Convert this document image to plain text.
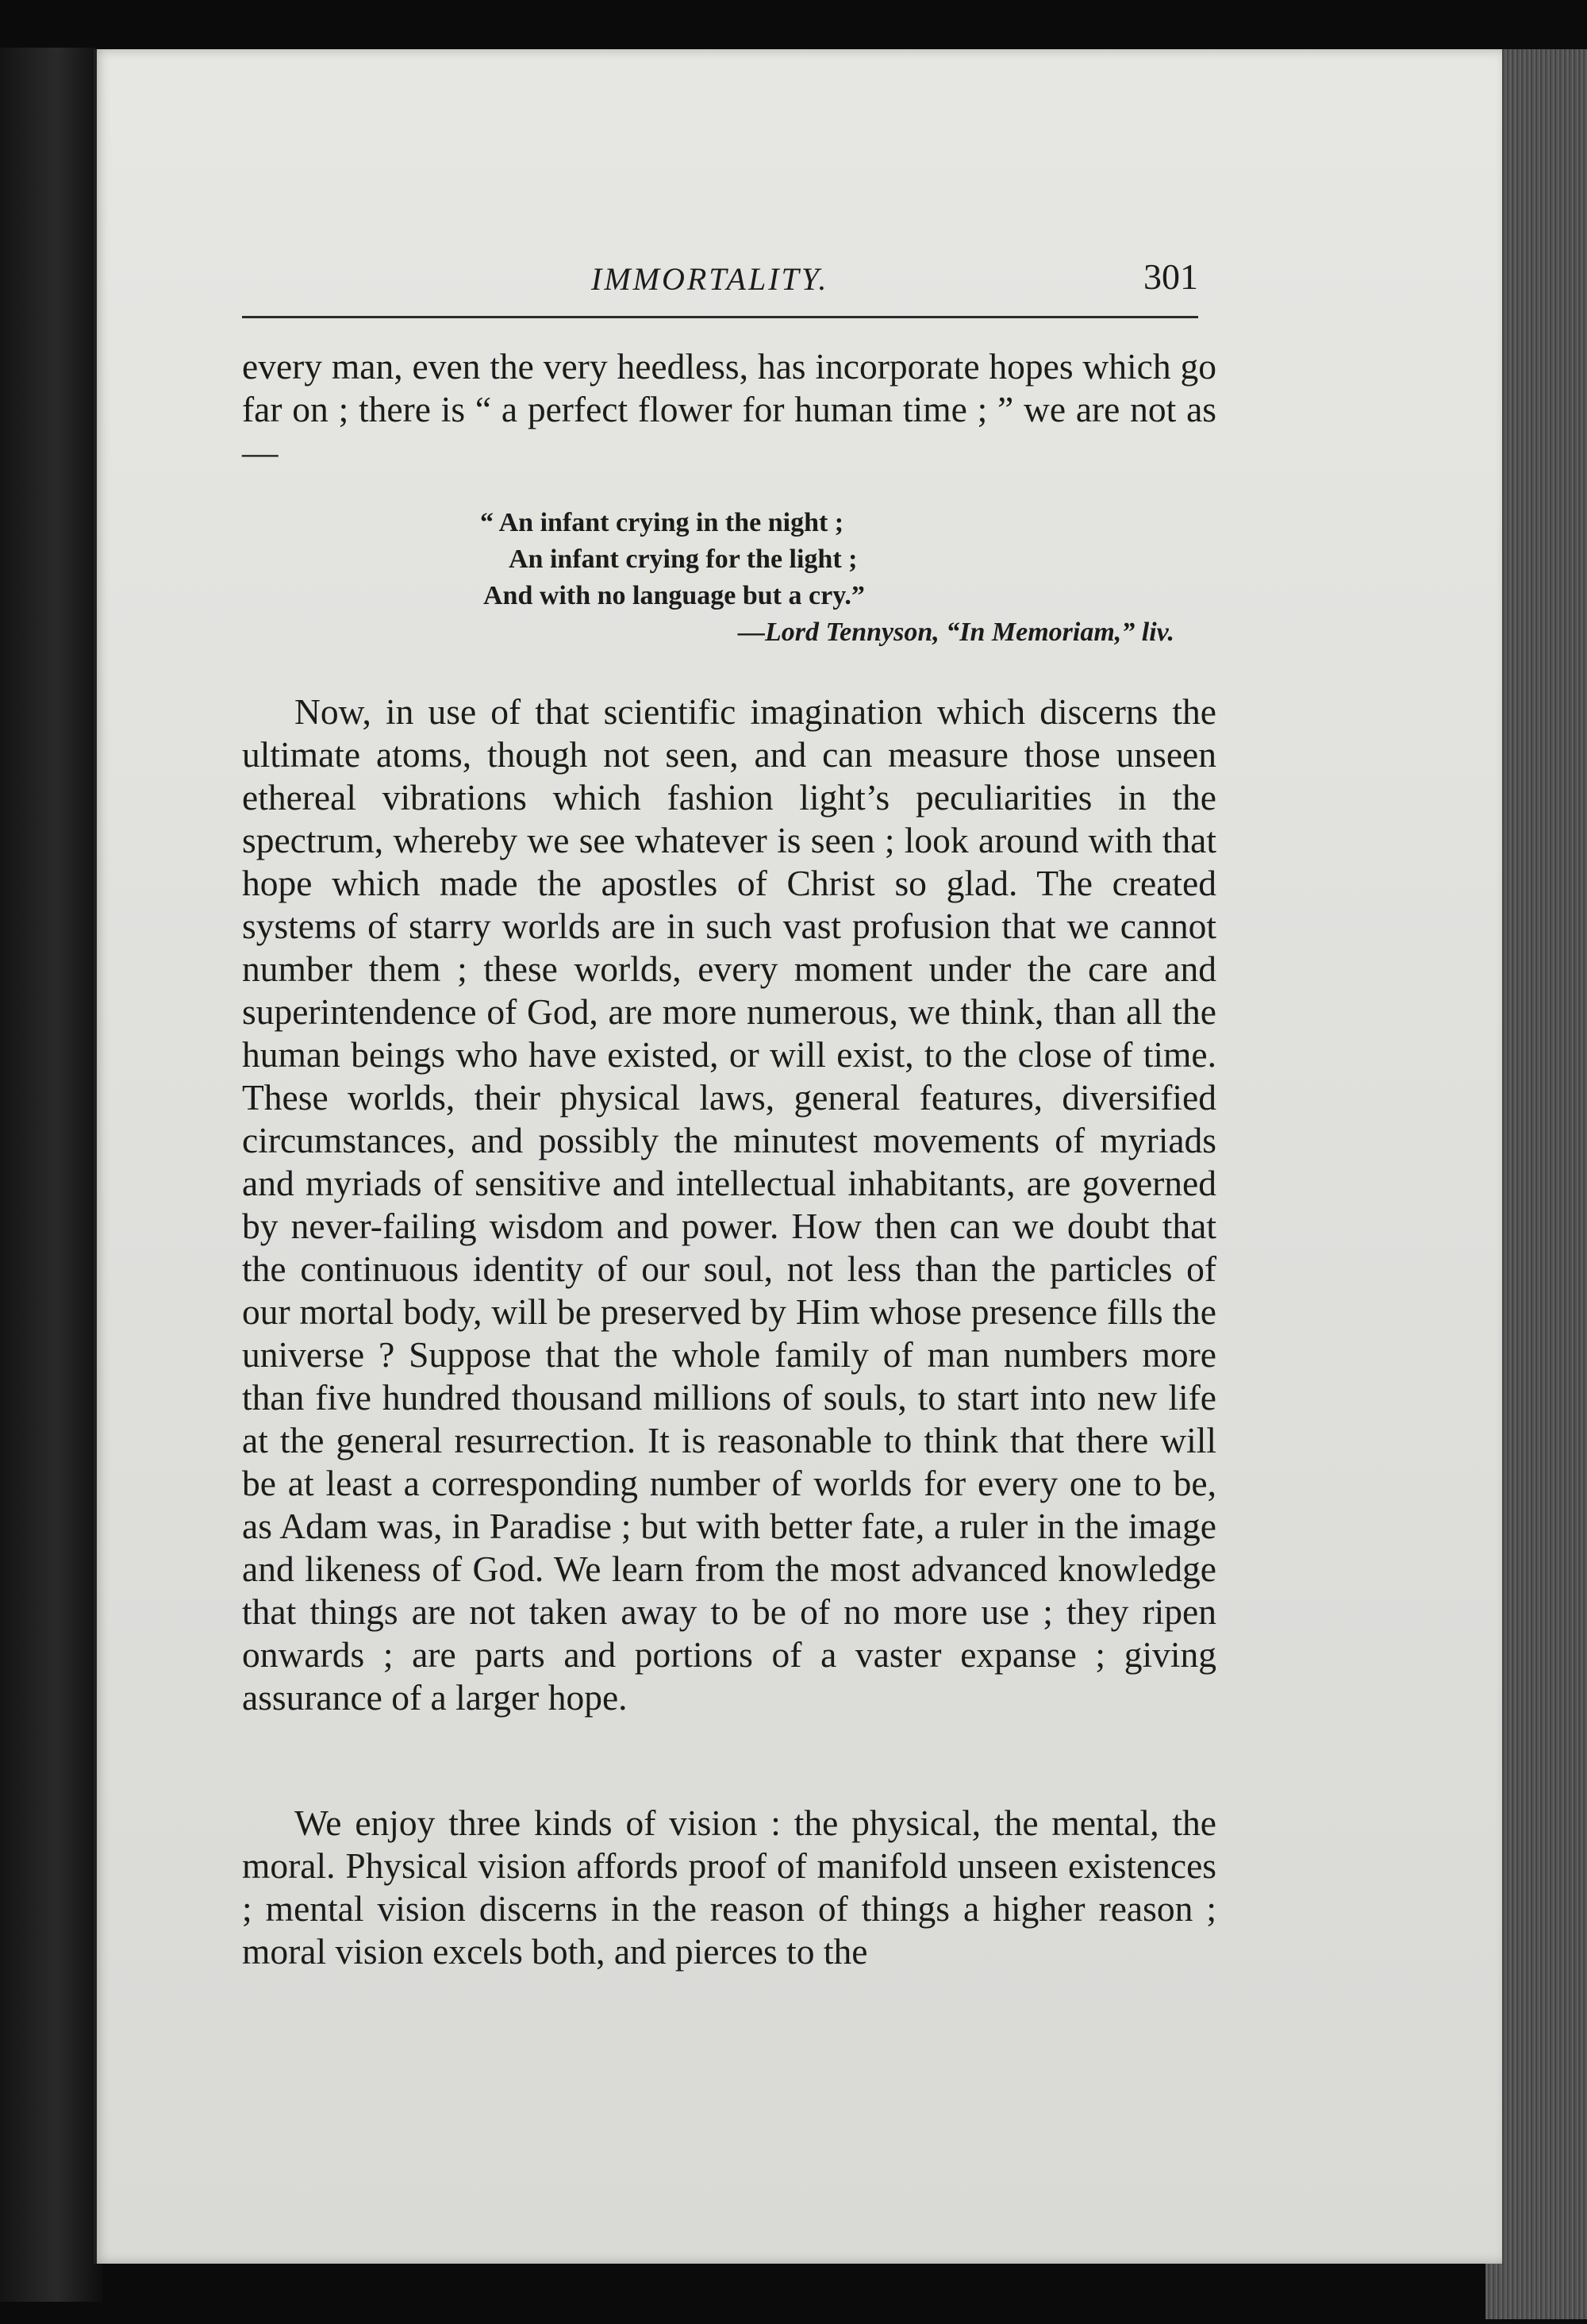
IMMORTALITY.	301

every man, even the very heedless, has incorporate hopes which go far on ; there is “ a perfect flower for human time ; ” we are not as—

“ An infant crying in the night ;
An infant crying for the light ;
And with no language but a cry.”
—Lord Tennyson, “In Memoriam,” liv.

Now, in use of that scientific imagination which discerns the ultimate atoms, though not seen, and can measure those unseen ethereal vibrations which fashion light’s peculiarities in the spectrum, whereby we see whatever is seen ; look around with that hope which made the apostles of Christ so glad. The created systems of starry worlds are in such vast profusion that we cannot number them ; these worlds, every moment under the care and superintendence of God, are more numerous, we think, than all the human beings who have existed, or will exist, to the close of time. These worlds, their physical laws, general features, diversified circumstances, and possibly the minutest movements of myriads and myriads of sensitive and intellectual inhabitants, are governed by never-failing wisdom and power. How then can we doubt that the continuous identity of our soul, not less than the particles of our mortal body, will be preserved by Him whose presence fills the universe ? Suppose that the whole family of man numbers more than five hundred thousand millions of souls, to start into new life at the general resurrection. It is reasonable to think that there will be at least a corresponding number of worlds for every one to be, as Adam was, in Paradise ; but with better fate, a ruler in the image and likeness of God. We learn from the most advanced knowledge that things are not taken away to be of no more use ; they ripen onwards ; are parts and portions of a vaster expanse ; giving assurance of a larger hope.

We enjoy three kinds of vision : the physical, the mental, the moral. Physical vision affords proof of manifold unseen existences ; mental vision discerns in the reason of things a higher reason ; moral vision excels both, and pierces to the
